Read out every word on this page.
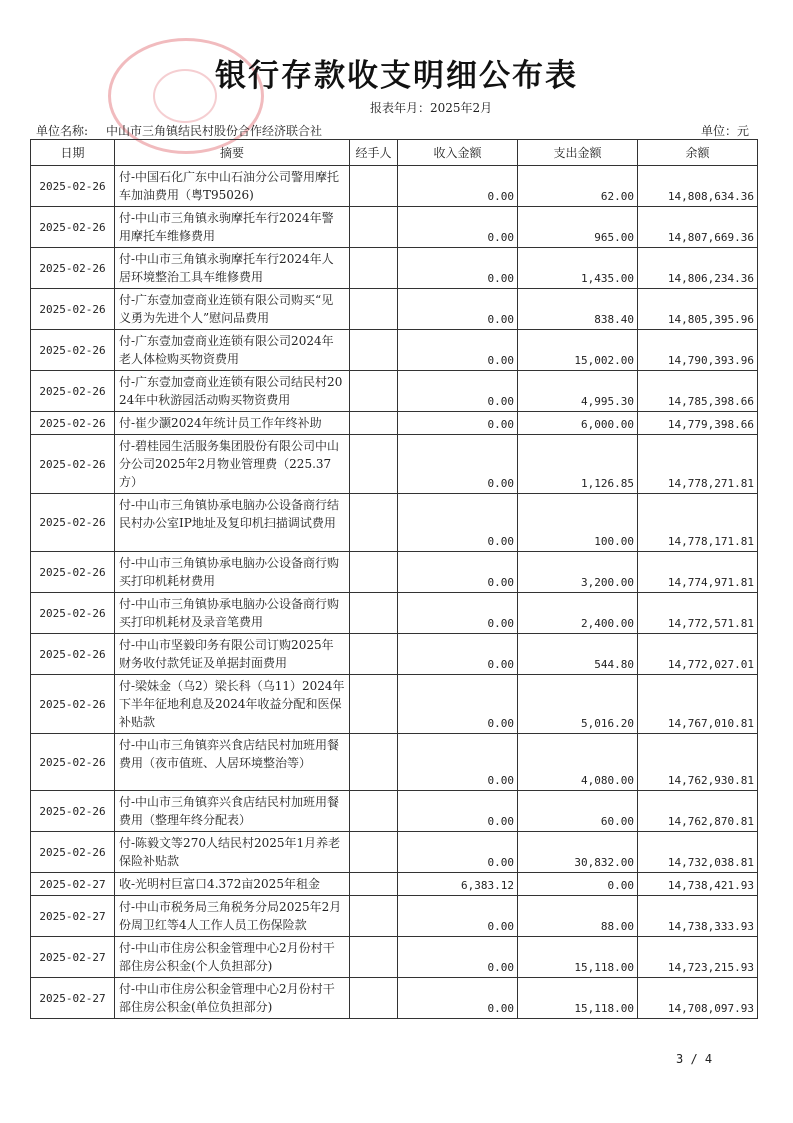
银行存款收支明细公布表
报表年月：2025年2月
单位名称: 中山市三角镇结民村股份合作经济联合社	单位：元
日期	摘要	经手人	收入金额	支出金额	余额
2025-02-26	付-中国石化广东中山石油分公司警用摩托车加油费用（粤T95026)		0.00	62.00	14,808,634.36
2025-02-26	付-中山市三角镇永驹摩托车行2024年警用摩托车维修费用		0.00	965.00	14,807,669.36
2025-02-26	付-中山市三角镇永驹摩托车行2024年人居环境整治工具车维修费用		0.00	1,435.00	14,806,234.36
2025-02-26	付-广东壹加壹商业连锁有限公司购买“见义勇为先进个人”慰问品费用		0.00	838.40	14,805,395.96
2025-02-26	付-广东壹加壹商业连锁有限公司2024年老人体检购买物资费用		0.00	15,002.00	14,790,393.96
2025-02-26	付-广东壹加壹商业连锁有限公司结民村2024年中秋游园活动购买物资费用		0.00	4,995.30	14,785,398.66
2025-02-26	付-崔少灏2024年统计员工作年终补助		0.00	6,000.00	14,779,398.66
2025-02-26	付-碧桂园生活服务集团股份有限公司中山分公司2025年2月物业管理费（225.37方）		0.00	1,126.85	14,778,271.81
2025-02-26	付-中山市三角镇协承电脑办公设备商行结民村办公室IP地址及复印机扫描调试费用		0.00	100.00	14,778,171.81
2025-02-26	付-中山市三角镇协承电脑办公设备商行购买打印机耗材费用		0.00	3,200.00	14,774,971.81
2025-02-26	付-中山市三角镇协承电脑办公设备商行购买打印机耗材及录音笔费用		0.00	2,400.00	14,772,571.81
2025-02-26	付-中山市坚毅印务有限公司订购2025年财务收付款凭证及单据封面费用		0.00	544.80	14,772,027.01
2025-02-26	付-梁妹金（乌2）梁长科（乌11）2024年下半年征地利息及2024年收益分配和医保补贴款		0.00	5,016.20	14,767,010.81
2025-02-26	付-中山市三角镇弈兴食店结民村加班用餐费用（夜市值班、人居环境整治等）		0.00	4,080.00	14,762,930.81
2025-02-26	付-中山市三角镇弈兴食店结民村加班用餐费用（整理年终分配表）		0.00	60.00	14,762,870.81
2025-02-26	付-陈毅文等270人结民村2025年1月养老保险补贴款		0.00	30,832.00	14,732,038.81
2025-02-27	收-光明村巨富口4.372亩2025年租金		6,383.12	0.00	14,738,421.93
2025-02-27	付-中山市税务局三角税务分局2025年2月份周卫红等4人工作人员工伤保险款		0.00	88.00	14,738,333.93
2025-02-27	付-中山市住房公积金管理中心2月份村干部住房公积金(个人负担部分)		0.00	15,118.00	14,723,215.93
2025-02-27	付-中山市住房公积金管理中心2月份村干部住房公积金(单位负担部分)		0.00	15,118.00	14,708,097.93
3 / 4
